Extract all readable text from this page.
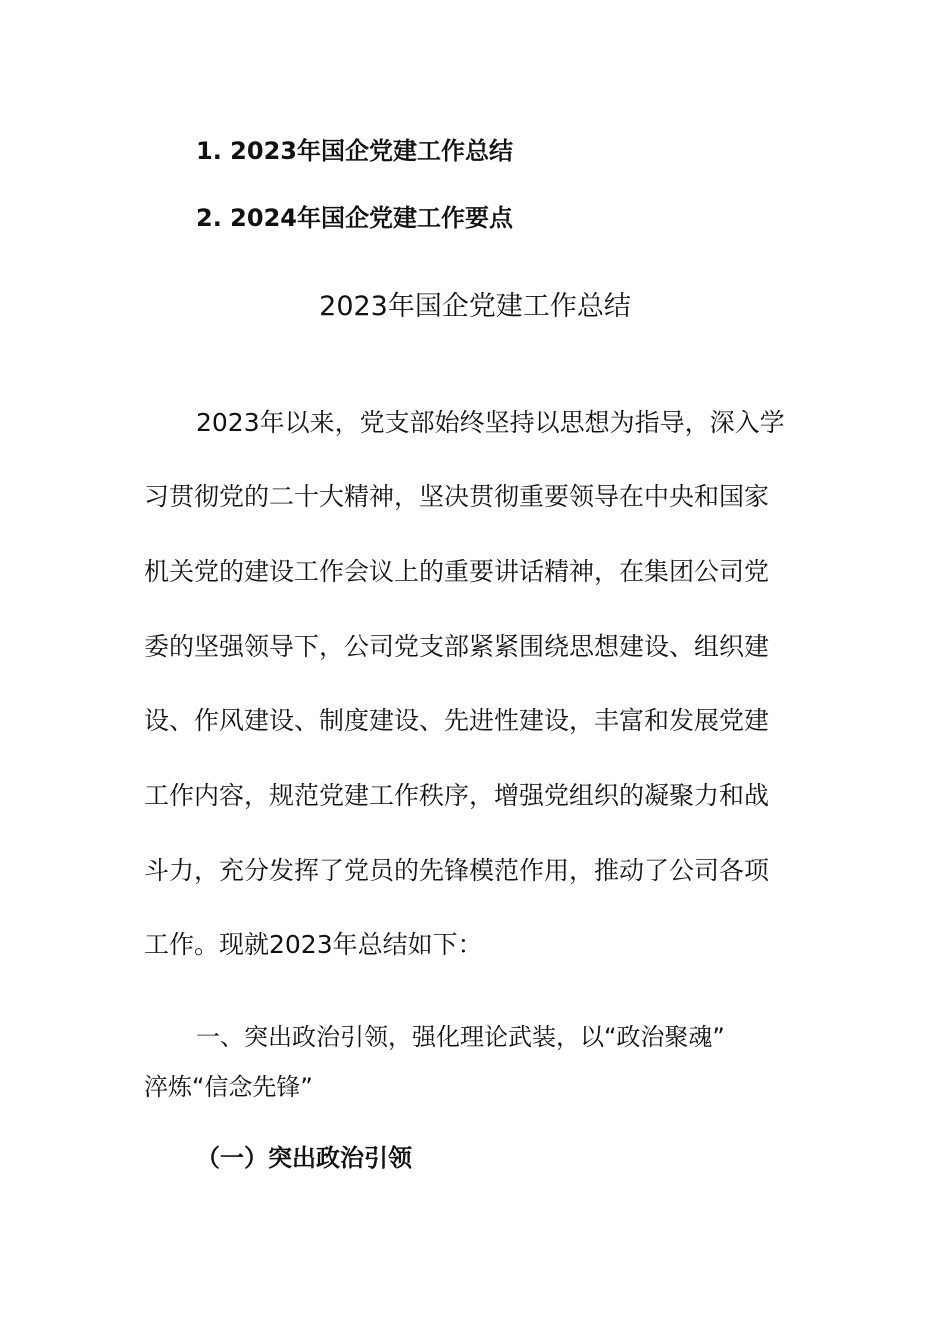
1. 2023年国企党建工作总结
2. 2024年国企党建工作要点
2023年国企党建工作总结
2023年以来，党支部始终坚持以思想为指导，深入学
习贯彻党的二十大精神，坚决贯彻重要领导在中央和国家
机关党的建设工作会议上的重要讲话精神，在集团公司党
委的坚强领导下，公司党支部紧紧围绕思想建设、组织建
设、作风建设、制度建设、先进性建设，丰富和发展党建
工作内容，规范党建工作秩序，增强党组织的凝聚力和战
斗力，充分发挥了党员的先锋模范作用，推动了公司各项
工作。现就2023年总结如下：
一、突出政治引领，强化理论武装，以“政治聚魂”
淬炼“信念先锋”
（一）突出政治引领
